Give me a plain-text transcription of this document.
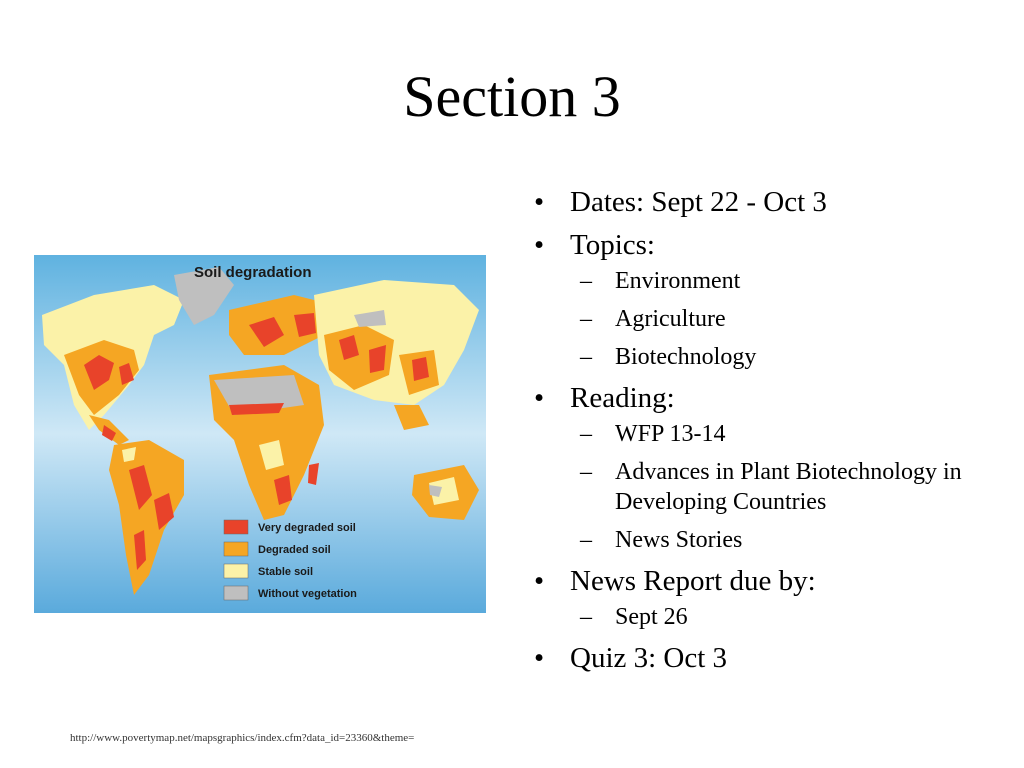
Section 3
Soil degradation
Very degraded soil
Degraded soil
Stable soil
Without vegetation
• Dates: Sept 22 - Oct 3
• Topics:
– Environment
– Agriculture
– Biotechnology
• Reading:
– WFP 13-14
– Advances in Plant Biotechnology in Developing Countries
– News Stories
• News Report due by:
– Sept 26
• Quiz 3: Oct 3
http://www.povertymap.net/mapsgraphics/index.cfm?data_id=23360&theme=
